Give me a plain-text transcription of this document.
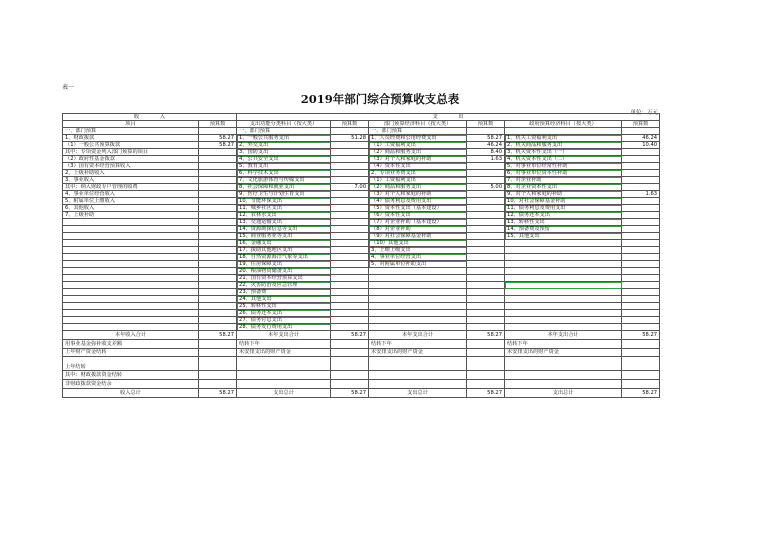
表一
2019年部门综合预算收支总表
单位：万元
收　　　　入		支　　　　出					
项目	预算数	支出功能分类科目（按大类）	预算数	部门预算经济科目（按大类）	预算数	政府预算经济科目（按大类）	预算数
一、部门预算		一、部门预算		一、部门预算			
1、财政拨款	58.27	1、一般公共服务支出	51.28	1、人员经费和公用经费支出	58.27	1、机关工资福利支出	46.24
（1）一般公共预算拨款	58.27	2、外交支出		（1）工资福利支出	46.24	2、机关商品和服务支出	10.40
其中：专项资金列入部门预算的项目		3、国防支出		（2）商品和服务支出	8.40	3、机关资本性支出（一）	
（2）政府性基金拨款		4、公共安全支出		（3）对个人和家庭的补助	1.63	4、机关资本性支出（二）	
（3）国有资本经营预算收入		5、教育支出		（4）资本性支出		5、对事业单位经常性补助	
2、上级补助收入		6、科学技术支出		2、专项业务费支出		6、对事业单位资本性补助	
3、事业收入		7、文化旅游体育与传媒支出		（1）工资福利支出		7、对企业补助	
其中：纳入财政专户管理的收费		8、社会保障和就业支出	7.00	（2）商品和服务支出	5.00	8、对企业资本性支出	
4、事业单位经营收入		9、医疗卫生与计划生育支出		（3）对个人和家庭的补助		9、对个人和家庭的补助	1.63
5、附属单位上缴收入		10、节能环保支出		（4）债务利息及费用支出		10、对社会保障基金补助	
6、其他收入		11、城乡社区支出		（5）资本性支出（基本建设）		11、债务利息及费用支出	
7、上级补助		12、农林水支出		（6）资本性支出		12、债务还本支出	
		13、交通运输支出		（7）对企业补助（基本建设）		13、转移性支出	
		14、资源勘探信息等支出		（8）对企业补助		14、预备费及预留	
		15、商业服务业等支出		（9）对社会保障基金补助		15、其他支出	
		16、金融支出		（10）其他支出			
		17、援助其他地区支出		3、上缴上级支出			
		18、自然资源海洋气象等支出		4、事业单位经营支出			
		19、住房保障支出		5、对附属单位补助支出			
		20、粮油物资储备支出					
		21、国有资本经营预算支出					
		22、灾害防治及应急管理					
		23、预备费					
		24、其他支出					
		25、转移性支出					
		26、债务还本支出					
		27、债务付息支出					
		28、债务发行费用支出					
本年收入合计	58.27	本年支出合计	58.27	本年支出合计	58.27	本年支出合计	58.27
用事业基金弥补收支差额		结转下年		结转下年		结转下年	
上年财产资金结转		未安排支出的财产资金		未安排支出的财产资金		未安排支出的财产资金	
上年结转							
其中：财政拨款资金结转							
非财政拨款资金结余							
收入总计	58.27	支出总计	58.27	支出总计	58.27	支出总计	58.27
